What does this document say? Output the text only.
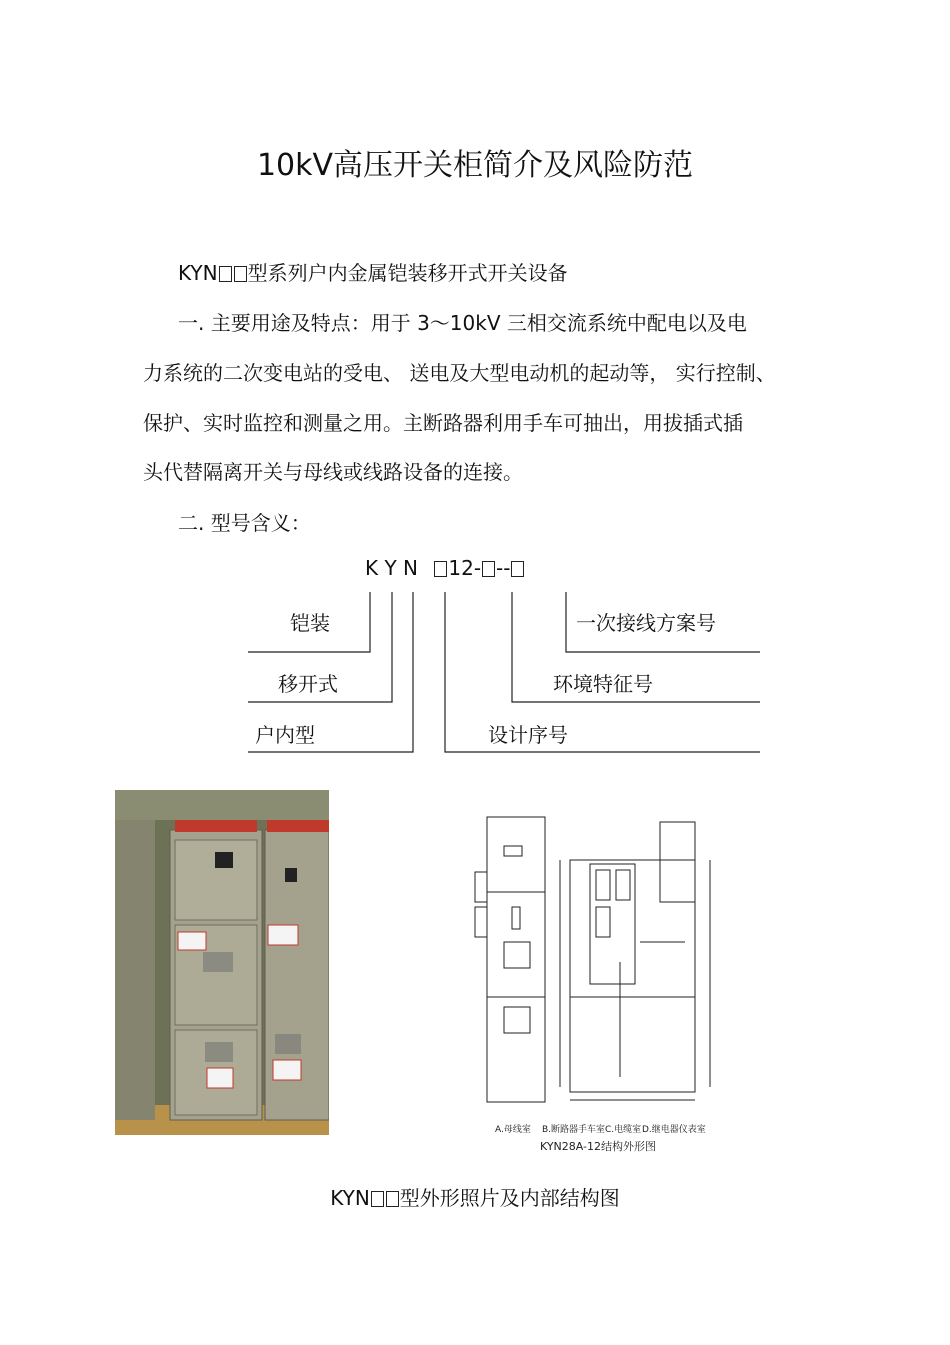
10kV高压开关柜简介及风险防范
KYN 型系列户内金属铠装移开式开关设备
一. 主要用途及特点：用于 3～10kV 三相交流系统中配电以及电
力系统的二次变电站的受电、 送电及大型电动机的起动等， 实行控制、
保护、实时监控和测量之用。主断路器利用手车可抽出，用拔插式插
头代替隔离开关与母线或线路设备的连接。
二. 型号含义：
K Y N 12- --
铠装
移开式
户内型
一次接线方案号
环境特征号
设计序号
A.母线室 B.断路器手车室 C.电缆室 D.继电器仪表室
KYN28A-12结构外形图
KYN 型外形照片及内部结构图
